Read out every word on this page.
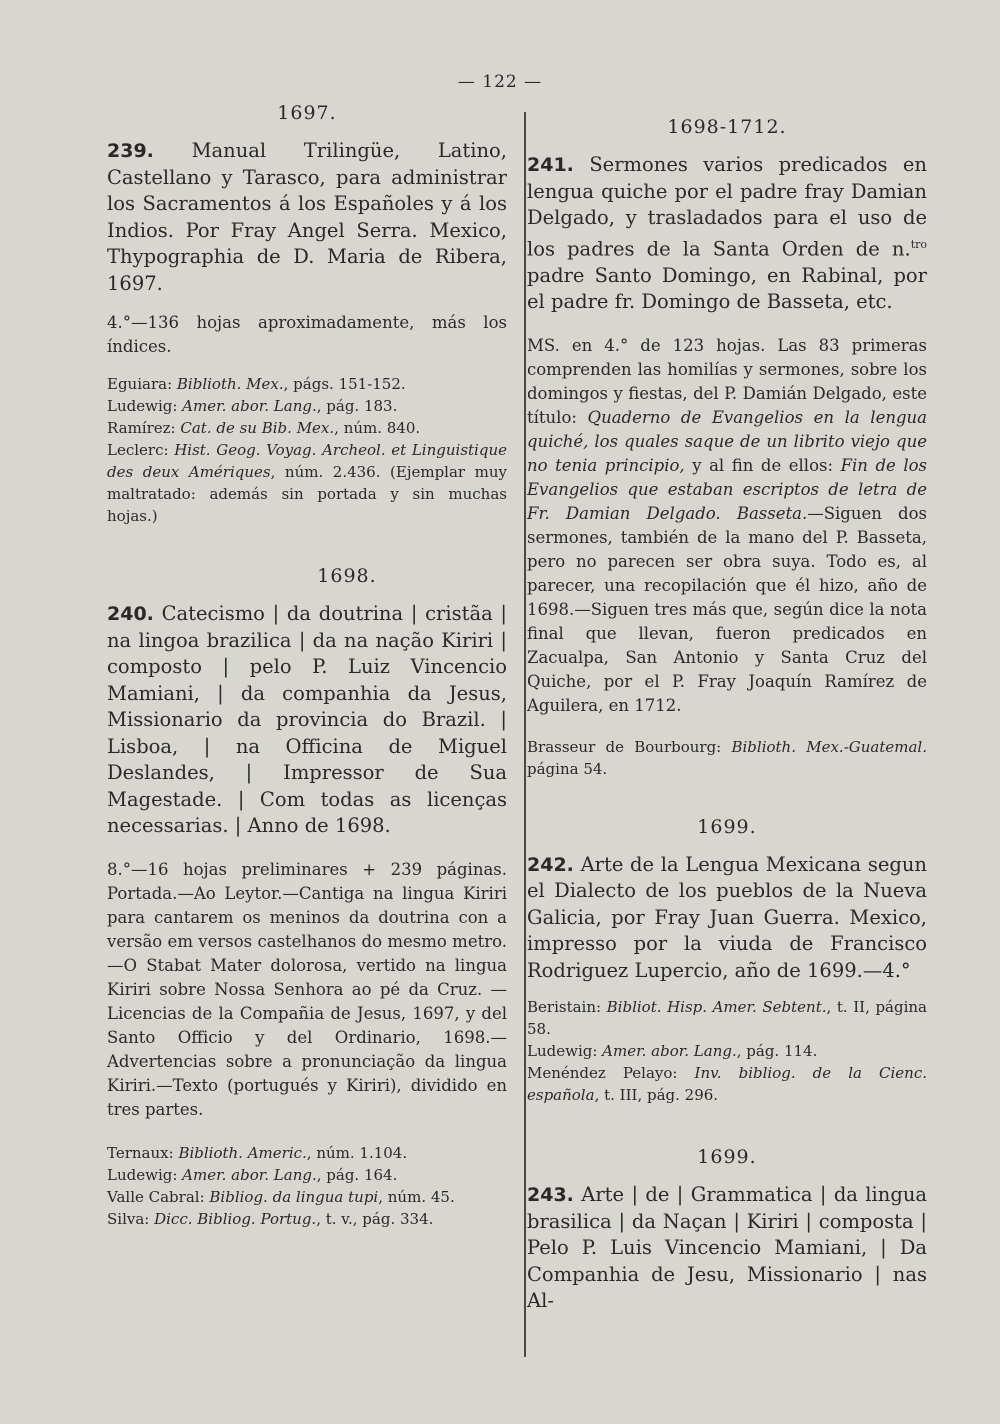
— 122 —
1697.

239. Manual Trilingüe, Latino, Castellano y Tarasco, para administrar los Sacramentos á los Españoles y á los Indios. Por Fray Angel Serra. Mexico, Thypographia de D. Maria de Ribera, 1697.

4.°—136 hojas aproximadamente, más los índices.

Eguiara: Biblioth. Mex., págs. 151-152.
Ludewig: Amer. abor. Lang., pág. 183.
Ramírez: Cat. de su Bib. Mex., núm. 840.
Leclerc: Hist. Geog. Voyag. Archeol. et Linguistique des deux Amériques, núm. 2.436. (Ejemplar muy maltratado: además sin portada y sin muchas hojas.)
1698.

240. Catecismo | da doutrina | cristãa | na lingoa brazilica | da na nação Kiriri | composto | pelo P. Luiz Vincencio Mamiani, | da companhia da Jesus, Missionario da provincia do Brazil. | Lisboa, | na Officina de Miguel Deslandes, | Impressor de Sua Magestade. | Com todas as licenças necessarias. | Anno de 1698.

8.°—16 hojas preliminares + 239 páginas. Portada.—Ao Leytor.—Cantiga na lingua Kiriri para cantarem os meninos da doutrina con a versão em versos castelhanos do mesmo metro.—O Stabat Mater dolorosa, vertido na lingua Kiriri sobre Nossa Senhora ao pé da Cruz. —Licencias de la Compañia de Jesus, 1697, y del Santo Officio y del Ordinario, 1698.—Advertencias sobre a pronunciação da lingua Kiriri.—Texto (portugués y Kiriri), dividido en tres partes.

Ternaux: Biblioth. Americ., núm. 1.104.
Ludewig: Amer. abor. Lang., pág. 164.
Valle Cabral: Bibliog. da lingua tupi, núm. 45.
Silva: Dicc. Bibliog. Portug., t. v., pág. 334.
1698-1712.

241. Sermones varios predicados en lengua quiche por el padre fray Damian Delgado, y trasladados para el uso de los padres de la Santa Orden de n.$^{tro}$ padre Santo Domingo, en Rabinal, por el padre fr. Domingo de Basseta, etc.

MS. en 4.° de 123 hojas. Las 83 primeras comprenden las homilías y sermones, sobre los domingos y fiestas, del P. Damián Delgado, este título: Quaderno de Evangelios en la lengua quiché, los quales saque de un librito viejo que no tenia principio, y al fin de ellos: Fin de los Evangelios que estaban escriptos de letra de Fr. Damian Delgado. Basseta.—Siguen dos sermones, también de la mano del P. Basseta, pero no parecen ser obra suya. Todo es, al parecer, una recopilación que él hizo, año de 1698.—Siguen tres más que, según dice la nota final que llevan, fueron predicados en Zacualpa, San Antonio y Santa Cruz del Quiche, por el P. Fray Joaquín Ramírez de Aguilera, en 1712.

Brasseur de Bourbourg: Biblioth. Mex.-Guatemal. página 54.
1699.

242. Arte de la Lengua Mexicana segun el Dialecto de los pueblos de la Nueva Galicia, por Fray Juan Guerra. Mexico, impresso por la viuda de Francisco Rodriguez Lupercio, año de 1699.—4.°

Beristain: Bibliot. Hisp. Amer. Sebtent., t. II, página 58.
Ludewig: Amer. abor. Lang., pág. 114.
Menéndez Pelayo: Inv. bibliog. de la Cienc. española, t. III, pág. 296.
1699.

243. Arte | de | Grammatica | da lingua brasilica | da Naçan | Kiriri | composta | Pelo P. Luis Vincencio Mamiani, | Da Companhia de Jesu, Missionario | nas Al-
